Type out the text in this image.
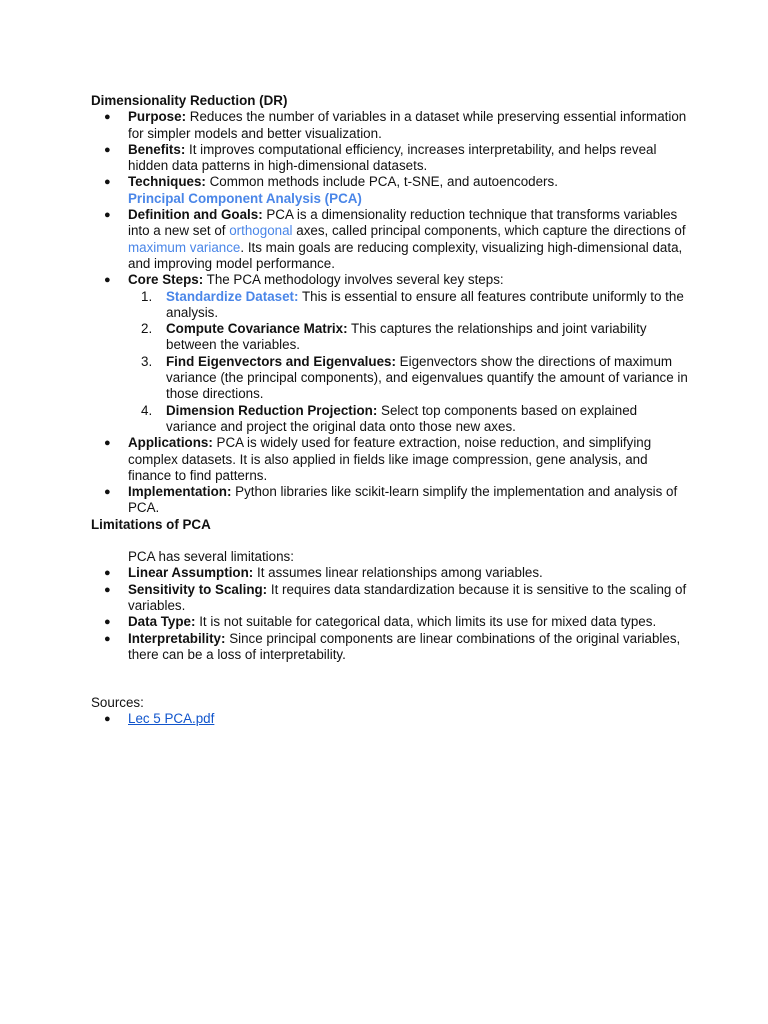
Dimensionality Reduction (DR)

● Purpose: Reduces the number of variables in a dataset while preserving essential information for simpler models and better visualization.
● Benefits: It improves computational efficiency, increases interpretability, and helps reveal hidden data patterns in high-dimensional datasets.
● Techniques: Common methods include PCA, t-SNE, and autoencoders.
Principal Component Analysis (PCA)
● Definition and Goals: PCA is a dimensionality reduction technique that transforms variables into a new set of orthogonal axes, called principal components, which capture the directions of maximum variance. Its main goals are reducing complexity, visualizing high-dimensional data, and improving model performance.
● Core Steps: The PCA methodology involves several key steps:
1. Standardize Dataset: This is essential to ensure all features contribute uniformly to the analysis.
2. Compute Covariance Matrix: This captures the relationships and joint variability between the variables.
3. Find Eigenvectors and Eigenvalues: Eigenvectors show the directions of maximum variance (the principal components), and eigenvalues quantify the amount of variance in those directions.
4. Dimension Reduction Projection: Select top components based on explained variance and project the original data onto those new axes.
● Applications: PCA is widely used for feature extraction, noise reduction, and simplifying complex datasets. It is also applied in fields like image compression, gene analysis, and finance to find patterns.
● Implementation: Python libraries like scikit-learn simplify the implementation and analysis of PCA.

Limitations of PCA

PCA has several limitations:

● Linear Assumption: It assumes linear relationships among variables.
● Sensitivity to Scaling: It requires data standardization because it is sensitive to the scaling of variables.
● Data Type: It is not suitable for categorical data, which limits its use for mixed data types.
● Interpretability: Since principal components are linear combinations of the original variables, there can be a loss of interpretability.

Sources:

● Lec 5 PCA.pdf
